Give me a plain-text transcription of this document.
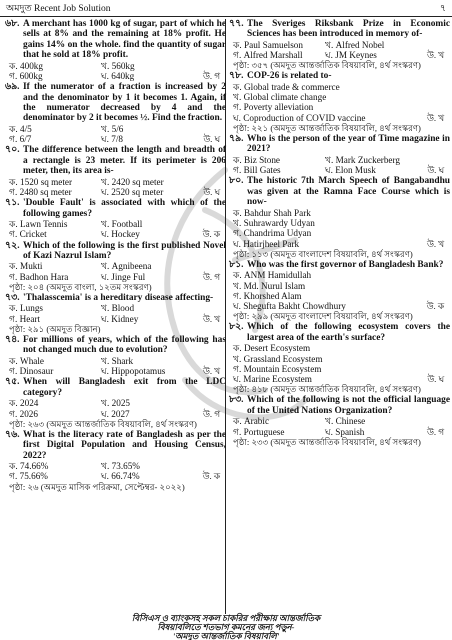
অমদুত Recent Job Solution	৭
৬৮. A merchant has 1000 kg of sugar, part of which he sells at 8% and the remaining at 18% profit. He gains 14% on the whole. find the quantity of sugar that he sold at 18% profit.
ক. 400kg	খ. 560kg
গ. 600kg	ঘ. 640kg	উ. গ
৬৯. If the numerator of a fraction is increased by 2 and the denominator by 1 it becomes 1. Again, if the numerator decreased by 4 and the denominator by 2 it becomes ½. Find the fraction.
ক. 4/5	খ. 5/6
গ. 6/7	ঘ. 7/8	উ. ঘ
৭০. The difference between the length and breadth of a rectangle is 23 meter. If its perimeter is 206 meter, then, its area is-
ক. 1520 sq meter	খ. 2420 sq meter
গ. 2480 sq meter	ঘ. 2520 sq meter	উ. ঘ
৭১. 'Double Fault' is associated with which of the following games?
ক. Lawn Tennis	খ. Football
গ. Cricket	ঘ. Hockey	উ. ক
৭২. Which of the following is the first published Novel of Kazi Nazrul Islam?
ক. Mukti	খ. Agnibeena
গ. Badhon Hara	ঘ. Jinge Ful	উ. গ
পৃষ্ঠা: ২০৪ (অমদুত বাংলা, ১২তম সংস্করণ)
৭৩. 'Thalasscemia' is a hereditary disease affecting-
ক. Lungs	খ. Blood
গ. Heart	ঘ. Kidney	উ. খ
পৃষ্ঠা: ২৯১ (অমদুত বিজ্ঞান)
৭৪. For millions of years, which of the following has not changed much due to evolution?
ক. Whale	খ. Shark
গ. Dinosaur	ঘ. Hippopotamus	উ. খ
৭৫. When will Bangladesh exit from the LDC category?
ক. 2024	খ. 2025
গ. 2026	ঘ. 2027	উ. গ
পৃষ্ঠা: ২৬৩ (অমদুত আন্তর্জাতিক বিষয়াবলি, ৪র্থ সংস্করণ)
৭৬. What is the literacy rate of Bangladesh as per the first Digital Population and Housing Census, 2022?
ক. 74.66%	খ. 73.65%
গ. 75.66%	ঘ. 66.74%	উ. ক
পৃষ্ঠা: ২৬ (অমদুত মাসিক পরিক্রমা, সেপ্টেম্বর- ২০২২)
৭৭. The Sveriges Riksbank Prize in Economic Sciences has been introduced in memory of-
ক. Paul Samuelson	খ. Alfred Nobel
গ. Alfred Marshall	ঘ. JM Keynes	উ. খ
পৃষ্ঠা: ৩৫৭ (অমদুত আন্তর্জাতিক বিষয়াবলি, ৪র্থ সংস্করণ)
৭৮. COP-26 is related to-
ক. Global trade & commerce
খ. Global climate change
গ. Poverty alleviation
ঘ. Coproduction of COVID vaccine	উ. খ
পৃষ্ঠা: ২২১ (অমদুত আন্তর্জাতিক বিষয়াবলি, ৪র্থ সংস্করণ)
৭৯. Who is the person of the year of Time magazine in 2021?
ক. Biz Stone	খ. Mark Zuckerberg
গ. Bill Gates	ঘ. Elon Musk	উ. ঘ
৮০. The historic 7th March Speech of Bangabandhu was given at the Ramna Face Course which is now-
ক. Bahdur Shah Park
খ. Suhrawardy Udyan
গ. Chandrima Udyan
ঘ. Hatirjheel Park	উ. খ
পৃষ্ঠা: ১১৩ (অমদুত বাংলাদেশ বিষয়াবলি, ৪র্থ সংস্করণ)
৮১. Who was the first governor of Bangladesh Bank?
ক. ANM Hamidullah
খ. Md. Nurul Islam
গ. Khorshed Alam
ঘ. Shegufta Bakht Chowdhury	উ. ক
পৃষ্ঠা: ২৯৯ (অমদুত বাংলাদেশ বিষয়াবলি, ৪র্থ সংস্করণ)
৮২. Which of the following ecosystem covers the largest area of the earth's surface?
ক. Desert Ecosystem
খ. Grassland Ecosystem
গ. Mountain Ecosystem
ঘ. Marine Ecosystem	উ. ঘ
পৃষ্ঠা: ৪১৮ (অমদুত আন্তর্জাতিক বিষয়াবলি, ৪র্থ সংস্করণ)
৮৩. Which of the following is not the official language of the United Nations Organization?
ক. Arabic	খ. Chinese
গ. Portuguese	ঘ. Spanish	উ. গ
পৃষ্ঠা: ২৩৩ (অমদুত আন্তর্জাতিক বিষয়াবলি, ৪র্থ সংস্করণ)
বিসিএস ও ব্যাংকসহ সকল চাকরির পরীক্ষায় আন্তর্জাতিক
বিষয়াবলিতে শতভাগ কমনের জন্য পড়ুন-
'অমদুত আন্তর্জাতিক বিষয়াবলি'
